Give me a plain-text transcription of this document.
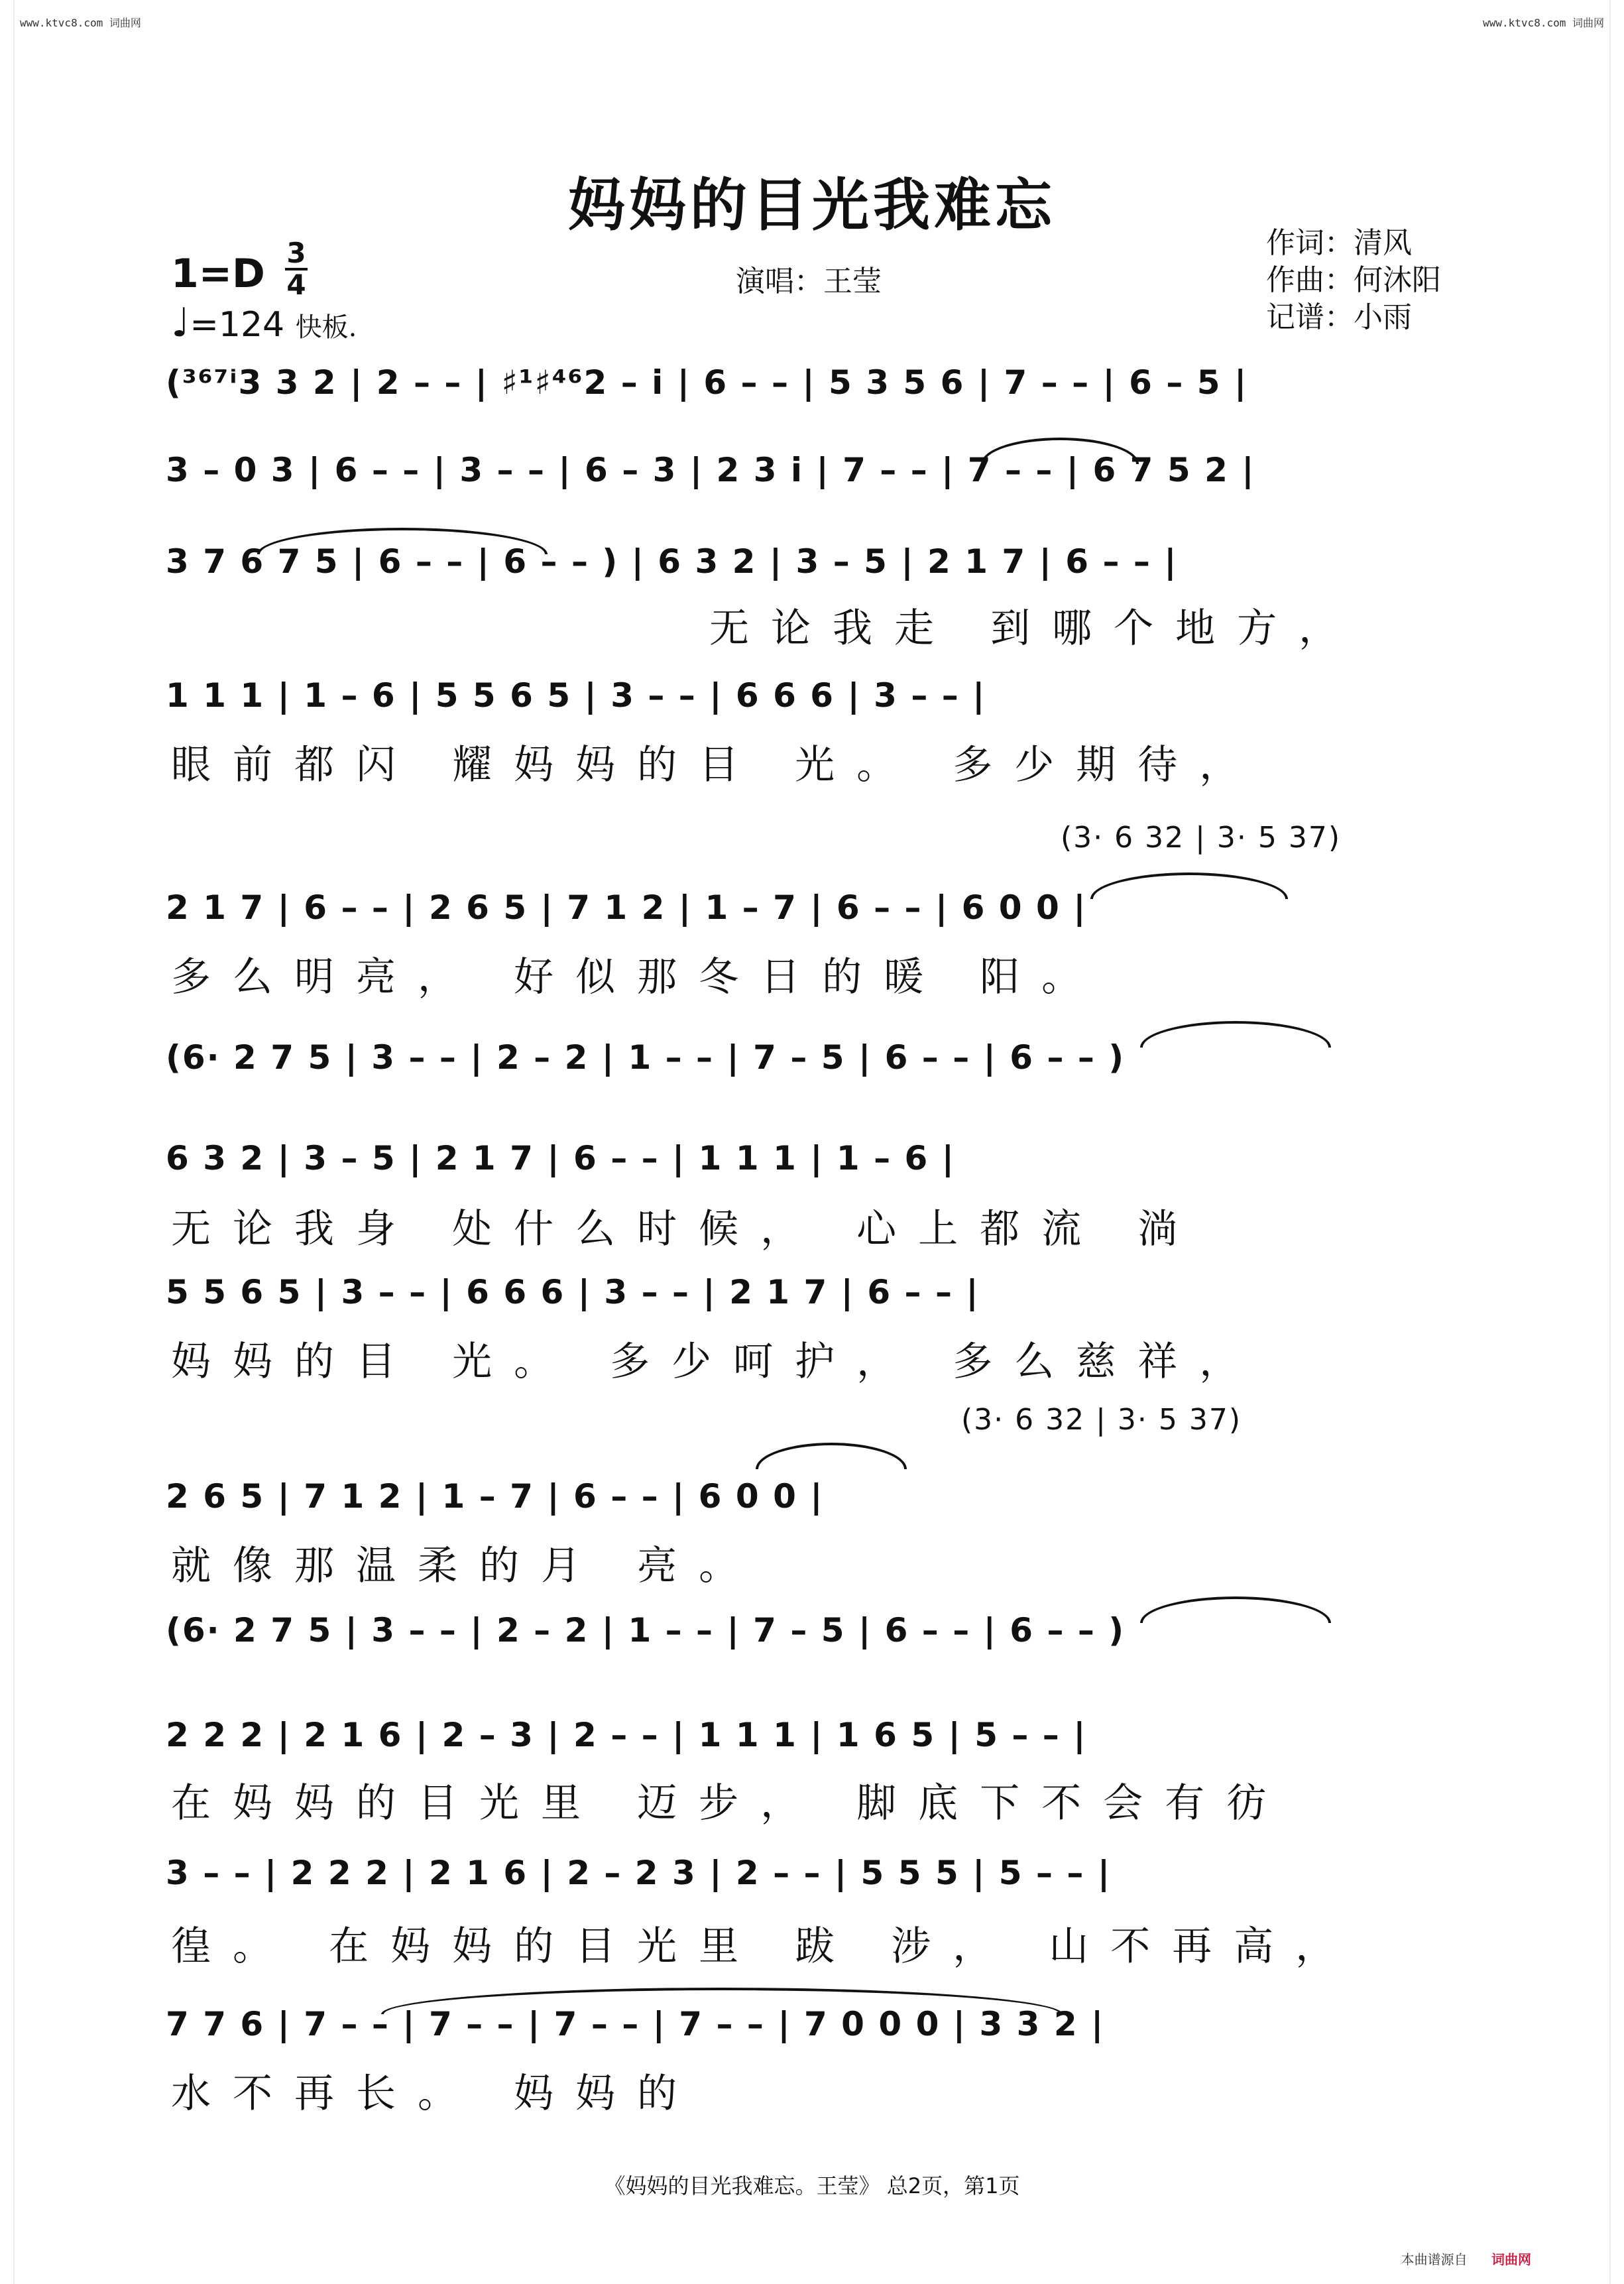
www.ktvc8.com 词曲网	www.ktvc8.com 词曲网
妈妈的目光我难忘
作词：清风
作曲：何沐阳
记谱：小雨
演唱：王莹
1=D 3
4
♩=124 快板.
(³⁶⁷ⁱ3 3 2 | 2 – – | ♯¹♯⁴⁶2 – i | 6 – – | 5 3 5 6 | 7 – – | 6 – 5 |
3 – 0 3 | 6 – – | 3 – – | 6 – 3 | 2 3 i | 7 – – | 7 – – | 6 7 5 2 |
3 7 6 7 5 | 6 – – | 6 – – ) | 6 3 2 | 3 – 5 | 2 1 7 | 6 – – |
无论我走 到哪个地方，
1 1 1 | 1 – 6 | 5 5 6 5 | 3 – – | 6 6 6 | 3 – – |
眼前都闪 耀妈妈的目 光。 多少期待，
(3· 6 32 | 3· 5 37)
2 1 7 | 6 – – | 2 6 5 | 7 1 2 | 1 – 7 | 6 – – | 6 0 0 |
多么明亮， 好似那冬日的暖 阳。
(6· 2 7 5 | 3 – – | 2 – 2 | 1 – – | 7 – 5 | 6 – – | 6 – – )
6 3 2 | 3 – 5 | 2 1 7 | 6 – – | 1 1 1 | 1 – 6 |
无论我身 处什么时候， 心上都流 淌
5 5 6 5 | 3 – – | 6 6 6 | 3 – – | 2 1 7 | 6 – – |
妈妈的目 光。 多少呵护， 多么慈祥，
(3· 6 32 | 3· 5 37)
2 6 5 | 7 1 2 | 1 – 7 | 6 – – | 6 0 0 |
就像那温柔的月 亮。
(6· 2 7 5 | 3 – – | 2 – 2 | 1 – – | 7 – 5 | 6 – – | 6 – – )
2 2 2 | 2 1 6 | 2 – 3 | 2 – – | 1 1 1 | 1 6 5 | 5 – – |
在妈妈的目光里 迈步， 脚底下不会有彷
3 – – | 2 2 2 | 2 1 6 | 2 – 2 3 | 2 – – | 5 5 5 | 5 – – |
徨。 在妈妈的目光里 跋 涉， 山不再高，
7 7 6 | 7 – – | 7 – – | 7 – – | 7 – – | 7 0 0 0 | 3 3 2 |
水不再长。 妈妈的
《妈妈的目光我难忘。王莹》 总2页，第1页
本曲谱源自 词曲网
